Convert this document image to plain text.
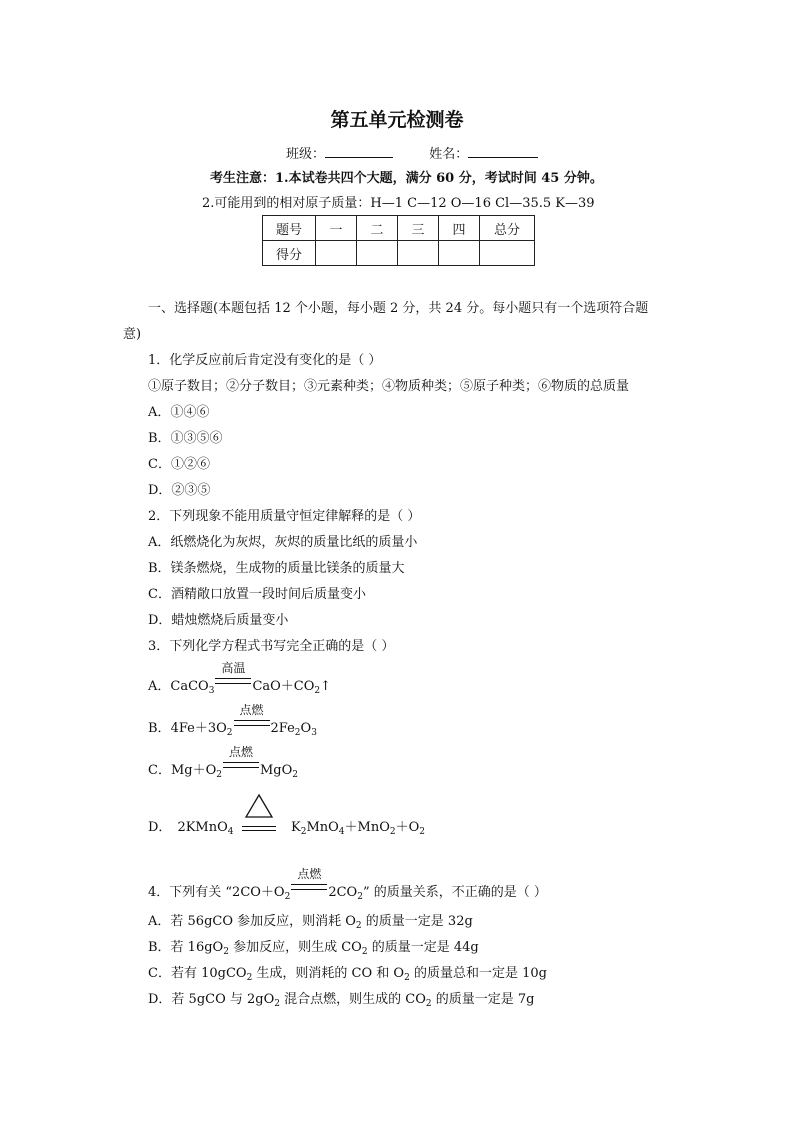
第五单元检测卷
班级：	姓名：
考生注意：1.本试卷共四个大题，满分 60 分，考试时间 45 分钟。
2.可能用到的相对原子质量：H—1 C—12 O—16 Cl—35.5 K—39
题号	一	二	三	四	总分
得分					
一、选择题(本题包括 12 个小题，每小题 2 分，共 24 分。每小题只有一个选项符合题
意)
1．化学反应前后肯定没有变化的是（ ）
①原子数目；②分子数目；③元素种类；④物质种类；⑤原子种类；⑥物质的总质量
A．①④⑥
B．①③⑤⑥
C．①②⑥
D．②③⑤
2．下列现象不能用质量守恒定律解释的是（ ）
A．纸燃烧化为灰烬，灰烬的质量比纸的质量小
B．镁条燃烧，生成物的质量比镁条的质量大
C．酒精敞口放置一段时间后质量变小
D．蜡烛燃烧后质量变小
3．下列化学方程式书写完全正确的是（ ）
A．CaCO$_3$
高温
$CaO+CO_2↑$
B．$4Fe+3O_2$
点燃
$2Fe_2O_3$
C．$Mg+O_2$
点燃
MgO$_2$
D． 2KMnO$_4$	$K_2MnO_4+MnO_2+O_2$
4．下列有关 “$2CO+O_2$
点燃
$2CO_2$” 的质量关系，不正确的是（ ）
A．若 56gCO 参加反应，则消耗 $O_2$ 的质量一定是 32g
B．若 $16gO_2$ 参加反应，则生成 $CO_2$ 的质量一定是 44g
C．若有 10gCO$_2$ 生成，则消耗的 CO 和 $O_2$ 的质量总和一定是 10g
D．若 5gCO 与 $2gO_2$ 混合点燃，则生成的 $CO_2$ 的质量一定是 7g
